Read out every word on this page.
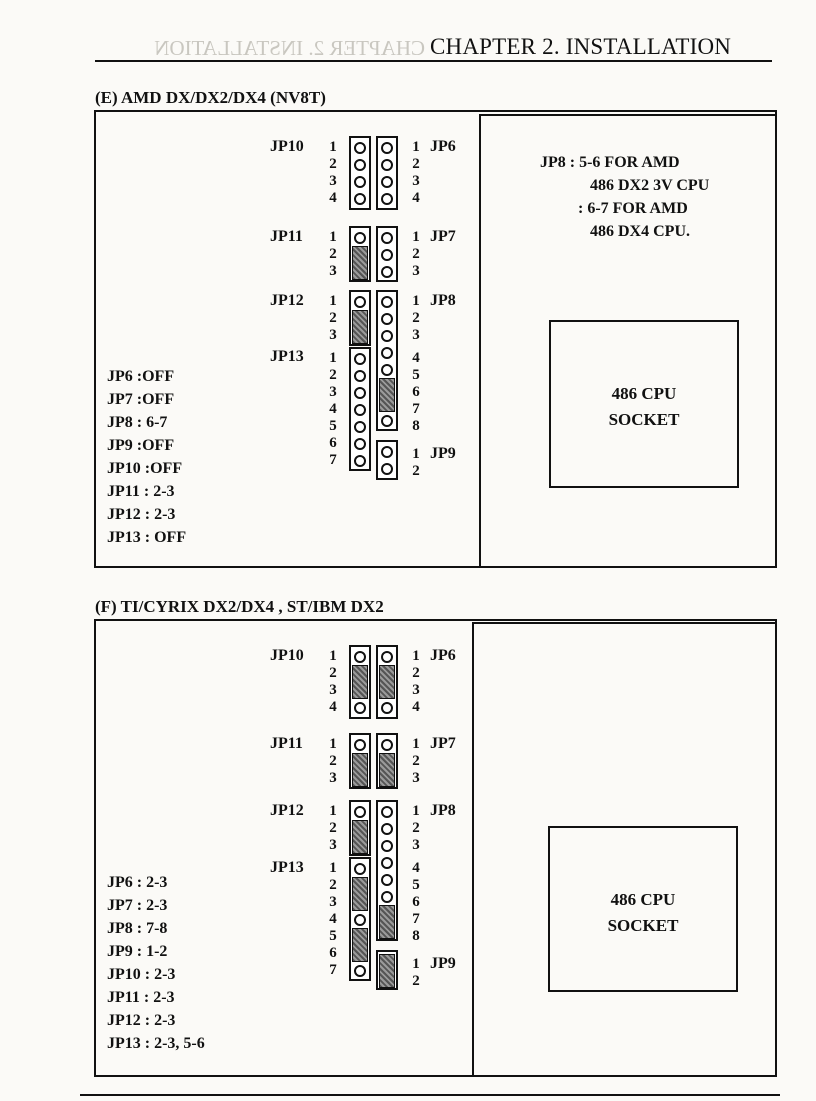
CHAPTER 2. INSTALLATION CHAPTER 2. INSTALLATION
(E) AMD DX/DX2/DX4 (NV8T)
JP10
JP11
JP12
JP13
JP6
JP7
JP8
JP9
1
2
3
4
1
2
3
1
2
3
1
2
3
4
5
6
7
1
2
3
4
1
2
3
1
2
3
4
5
6
7
8
1
2
JP8 : 5-6 FOR AMD
486 DX2 3V CPU
: 6-7 FOR AMD
486 DX4 CPU.
JP6 :OFF
JP7 :OFF
JP8 : 6-7
JP9 :OFF
JP10 :OFF
JP11 : 2-3
JP12 : 2-3
JP13 : OFF
486 CPU
SOCKET
(F) TI/CYRIX DX2/DX4 , ST/IBM DX2
JP10
JP11
JP12
JP13
JP6
JP7
JP8
JP9
1
2
3
4
1
2
3
1
2
3
1
2
3
4
5
6
7
1
2
3
4
1
2
3
1
2
3
4
5
6
7
8
1
2
JP6 : 2-3
JP7 : 2-3
JP8 : 7-8
JP9 : 1-2
JP10 : 2-3
JP11 : 2-3
JP12 : 2-3
JP13 : 2-3, 5-6
486 CPU
SOCKET
